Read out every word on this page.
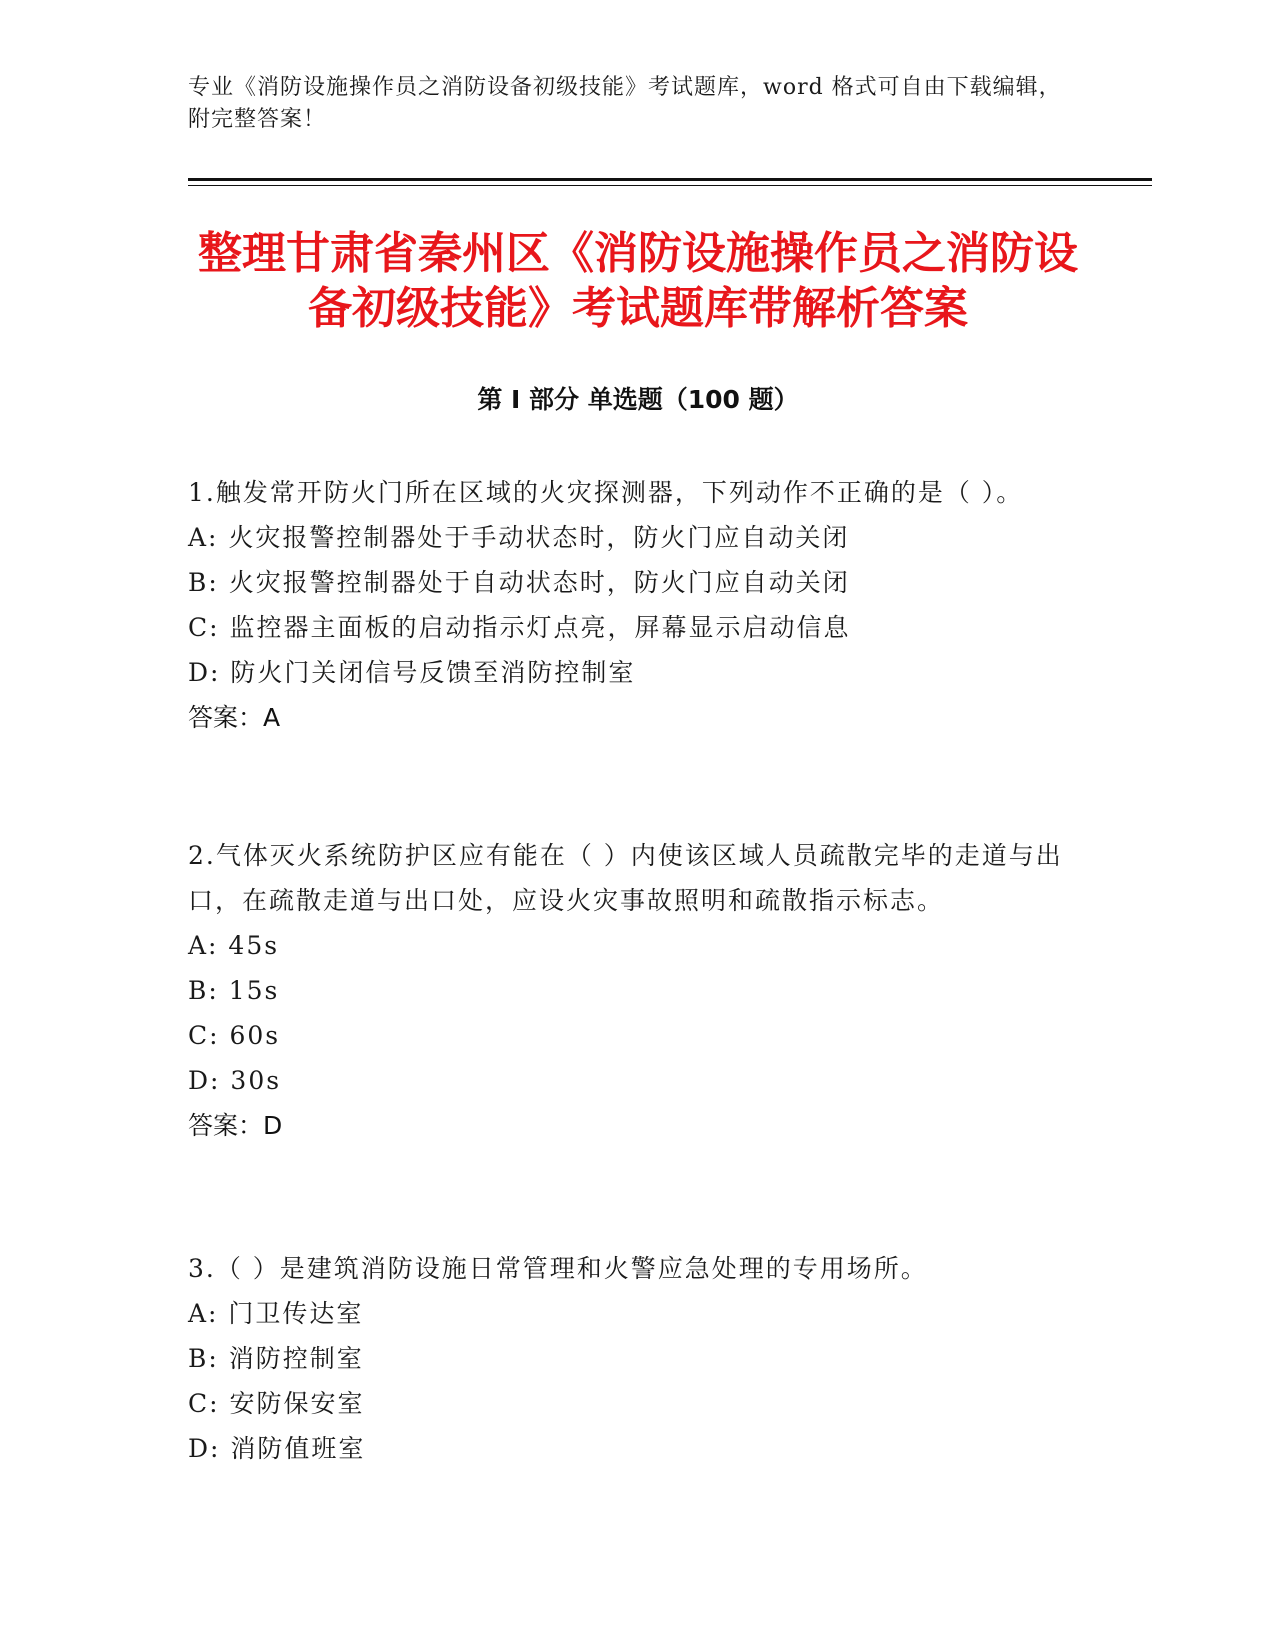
专业《消防设施操作员之消防设备初级技能》考试题库，word 格式可自由下载编辑，附完整答案！
整理甘肃省秦州区《消防设施操作员之消防设备初级技能》考试题库带解析答案
第 I 部分 单选题（100 题）

1.触发常开防火门所在区域的火灾探测器，下列动作不正确的是（ ）。

A: 火灾报警控制器处于手动状态时，防火门应自动关闭

B: 火灾报警控制器处于自动状态时，防火门应自动关闭

C: 监控器主面板的启动指示灯点亮，屏幕显示启动信息

D: 防火门关闭信号反馈至消防控制室

答案：A

2.气体灭火系统防护区应有能在（ ）内使该区域人员疏散完毕的走道与出口，在疏散走道与出口处，应设火灾事故照明和疏散指示标志。

A: 45s

B: 15s

C: 60s

D: 30s

答案：D

3.（ ）是建筑消防设施日常管理和火警应急处理的专用场所。

A: 门卫传达室

B: 消防控制室

C: 安防保安室

D: 消防值班室
